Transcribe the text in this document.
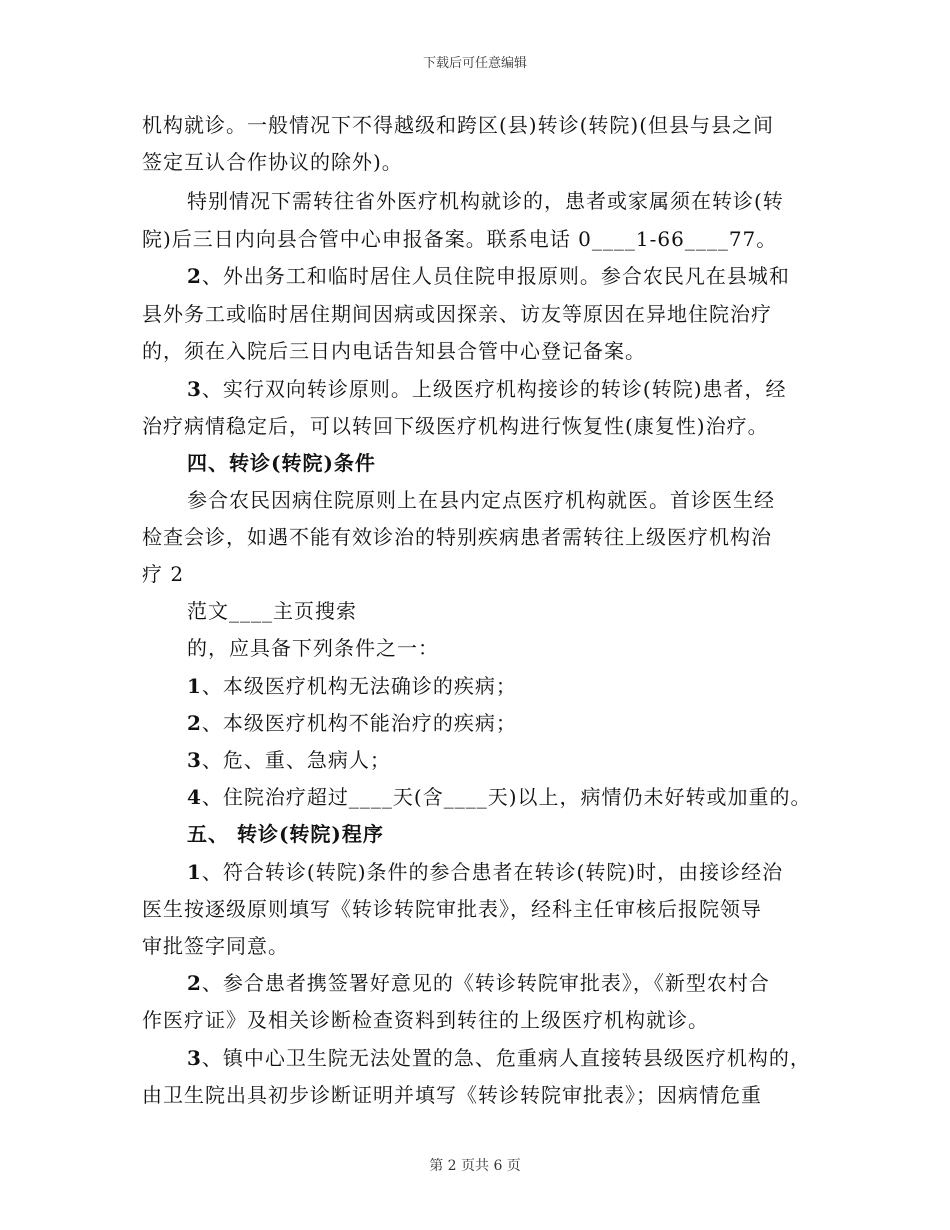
下载后可任意编辑
机构就诊。一般情况下不得越级和跨区(县)转诊(转院)(但县与县之间
签定互认合作协议的除外)。
特别情况下需转往省外医疗机构就诊的，患者或家属须在转诊(转
院)后三日内向县合管中心申报备案。联系电话 0____1-66____77。
2、外出务工和临时居住人员住院申报原则。参合农民凡在县城和
县外务工或临时居住期间因病或因探亲、访友等原因在异地住院治疗
的，须在入院后三日内电话告知县合管中心登记备案。
3、实行双向转诊原则。上级医疗机构接诊的转诊(转院)患者，经
治疗病情稳定后，可以转回下级医疗机构进行恢复性(康复性)治疗。
四、转诊(转院)条件
参合农民因病住院原则上在县内定点医疗机构就医。首诊医生经
检查会诊，如遇不能有效诊治的特别疾病患者需转往上级医疗机构治
疗 2
范文____主页搜索
的，应具备下列条件之一：
1、本级医疗机构无法确诊的疾病；
2、本级医疗机构不能治疗的疾病；
3、危、重、急病人；
4、住院治疗超过____天(含____天)以上，病情仍未好转或加重的。
五、 转诊(转院)程序
1、符合转诊(转院)条件的参合患者在转诊(转院)时，由接诊经治
医生按逐级原则填写《转诊转院审批表》，经科主任审核后报院领导
审批签字同意。
2、参合患者携签署好意见的《转诊转院审批表》，《新型农村合
作医疗证》及相关诊断检查资料到转往的上级医疗机构就诊。
3、镇中心卫生院无法处置的急、危重病人直接转县级医疗机构的，
由卫生院出具初步诊断证明并填写《转诊转院审批表》；因病情危重
第 2 页共 6 页
